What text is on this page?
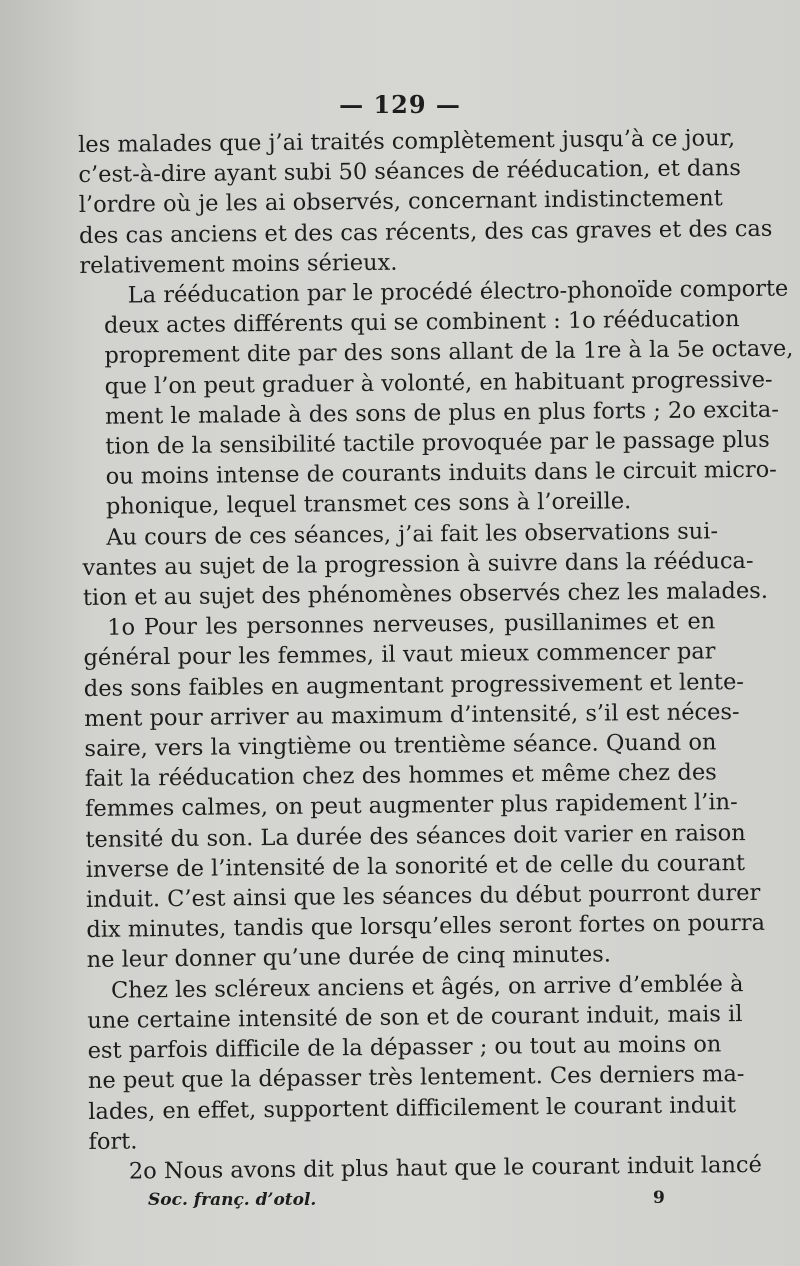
— 129 —

les malades que j’ai traités complètement jusqu’à ce jour,
c’est-à-dire ayant subi 50 séances de rééducation, et dans
l’ordre où je les ai observés, concernant indistinctement
des cas anciens et des cas récents, des cas graves et des cas
relativement moins sérieux.

La rééducation par le procédé électro-phonoïde comporte
deux actes différents qui se combinent : 1o rééducation
proprement dite par des sons allant de la 1re à la 5e octave,
que l’on peut graduer à volonté, en habituant progressive-
ment le malade à des sons de plus en plus forts ; 2o excita-
tion de la sensibilité tactile provoquée par le passage plus
ou moins intense de courants induits dans le circuit micro-
phonique, lequel transmet ces sons à l’oreille.

Au cours de ces séances, j’ai fait les observations sui-
vantes au sujet de la progression à suivre dans la rééduca-
tion et au sujet des phénomènes observés chez les malades.

1o Pour les personnes nerveuses, pusillanimes et en
général pour les femmes, il vaut mieux commencer par
des sons faibles en augmentant progressivement et lente-
ment pour arriver au maximum d’intensité, s’il est néces-
saire, vers la vingtième ou trentième séance. Quand on
fait la rééducation chez des hommes et même chez des
femmes calmes, on peut augmenter plus rapidement l’in-
tensité du son. La durée des séances doit varier en raison
inverse de l’intensité de la sonorité et de celle du courant
induit. C’est ainsi que les séances du début pourront durer
dix minutes, tandis que lorsqu’elles seront fortes on pourra
ne leur donner qu’une durée de cinq minutes.

Chez les scléreux anciens et âgés, on arrive d’emblée à
une certaine intensité de son et de courant induit, mais il
est parfois difficile de la dépasser ; ou tout au moins on
ne peut que la dépasser très lentement. Ces derniers ma-
lades, en effet, supportent difficilement le courant induit
fort.

2o Nous avons dit plus haut que le courant induit lancé

Soc. franç. d’otol.	9
